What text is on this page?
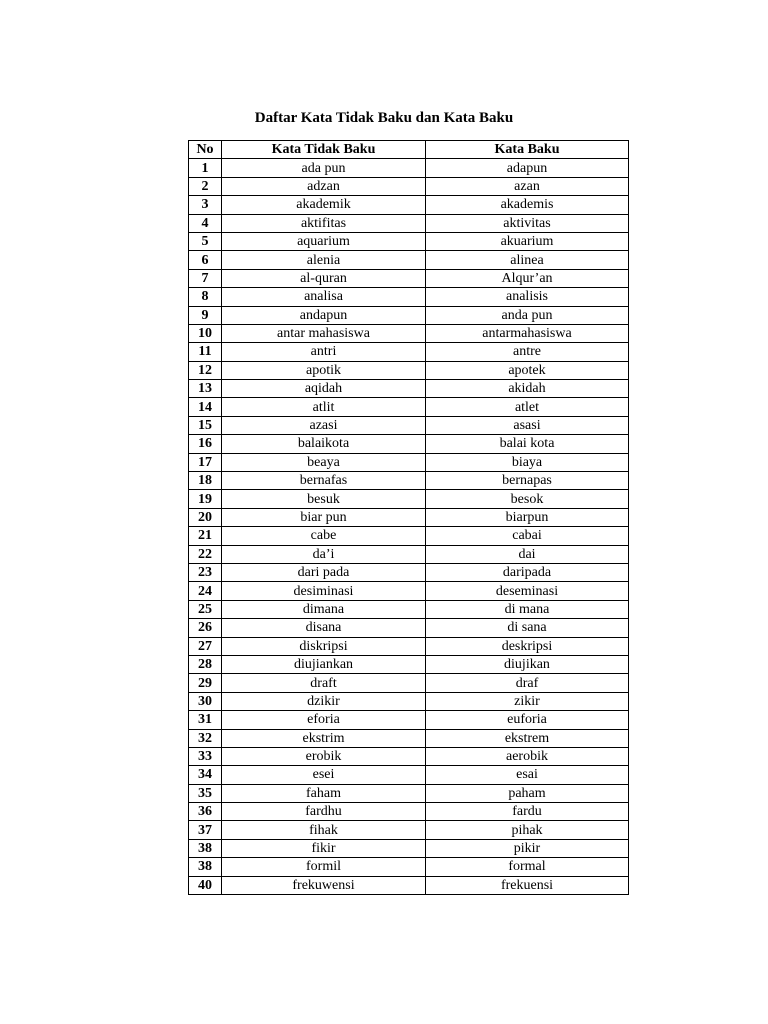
Daftar Kata Tidak Baku dan Kata Baku
No	Kata Tidak Baku	Kata Baku
1	ada pun	adapun
2	adzan	azan
3	akademik	akademis
4	aktifitas	aktivitas
5	aquarium	akuarium
6	alenia	alinea
7	al-quran	Alqur’an
8	analisa	analisis
9	andapun	anda pun
10	antar mahasiswa	antarmahasiswa
11	antri	antre
12	apotik	apotek
13	aqidah	akidah
14	atlit	atlet
15	azasi	asasi
16	balaikota	balai kota
17	beaya	biaya
18	bernafas	bernapas
19	besuk	besok
20	biar pun	biarpun
21	cabe	cabai
22	da’i	dai
23	dari pada	daripada
24	desiminasi	deseminasi
25	dimana	di mana
26	disana	di sana
27	diskripsi	deskripsi
28	diujiankan	diujikan
29	draft	draf
30	dzikir	zikir
31	eforia	euforia
32	ekstrim	ekstrem
33	erobik	aerobik
34	esei	esai
35	faham	paham
36	fardhu	fardu
37	fihak	pihak
38	fikir	pikir
38	formil	formal
40	frekuwensi	frekuensi
